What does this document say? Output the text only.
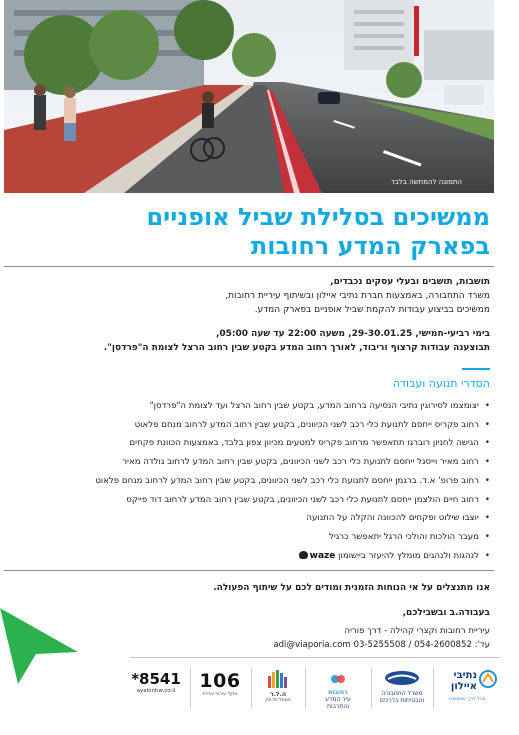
התמונה להמחשה בלבד
ממשיכים בסלילת שביל אופניים
בפארק המדע רחובות
תושבות, תושבים ובעלי עסקים נכבדים,
משרד התחבורה, באמצעות חברת נתיבי איילון ובשיתוף עיריית רחובות,
ממשיכים בביצוע עבודות להקמת שביל אופניים בפארק המדע.
בימי רביעי-חמישי, 29-30.01.25, משעה 22:00 עד שעה 05:00,
תבוצענה עבודות קרצוף וריבוד, לאורך רחוב המדע בקטע שבין רחוב הרצל לצומת ה"פרדסן".
הסדרי תנועה ועבודה
•יצומצמו לסירוגין נתיבי הנסיעה ברחוב המדע, בקטע שבין רחוב הרצל ועד לצומת ה"פרדסן"
•רחוב פקריס ייחסם לתנועת כלי רכב לשני הכיוונים, בקטע שבין רחוב המדע לרחוב מנחם פלאוט
•הגישה לחניון רוברגו תתאפשר מרחוב פקריס למטעים מכיוון צפון בלבד, באמצעות הכוונת פקחים
•רחוב מאיר וייסגל ייחסם לתנועת כלי רכב לשני הכיוונים, בקטע שבין רחוב המדע לרחוב גולדה מאיר
•רחוב פרופ' א.ד. ברגמן ייחסם לתנועת כלי רכב לשני הכיוונים, בקטע שבין רחוב המדע לרחוב מנחם פלאוט
•רחוב חיים הולצמן ייחסם לתנועת כלי רכב לשני הכיוונים, בקטע שבין רחוב המדע לרחוב דוד פייקס
•יוצבו שילוט ופקחים להכוונה והקלה על התנועה
•מעבר הולכות והולכי הרגל יתאפשר כרגיל
•לנהגות ולנהגים מומלץ להיעזר ביישומון waze
אנו מתנצלים על אי הנוחות הזמנית ומודים לכם על שיתוף הפעולה.
בעבודה.ב ובשבילכם,
עיריית רחובות וקצרי קהילה - דרך פוריה
עד': 054-2600852 / 03-5255508 adi@viaporia.com
*8541
ayalonhw.co.il	106
מוקד עירוני עיריית	ה.ל.ר
חשמל ולרתק
רחובות
עיר המדע
והתרבות
משרד התחבורה
והבטיחות בדרכים
נתיבי
איילון
בכל דרך שתבחרו
